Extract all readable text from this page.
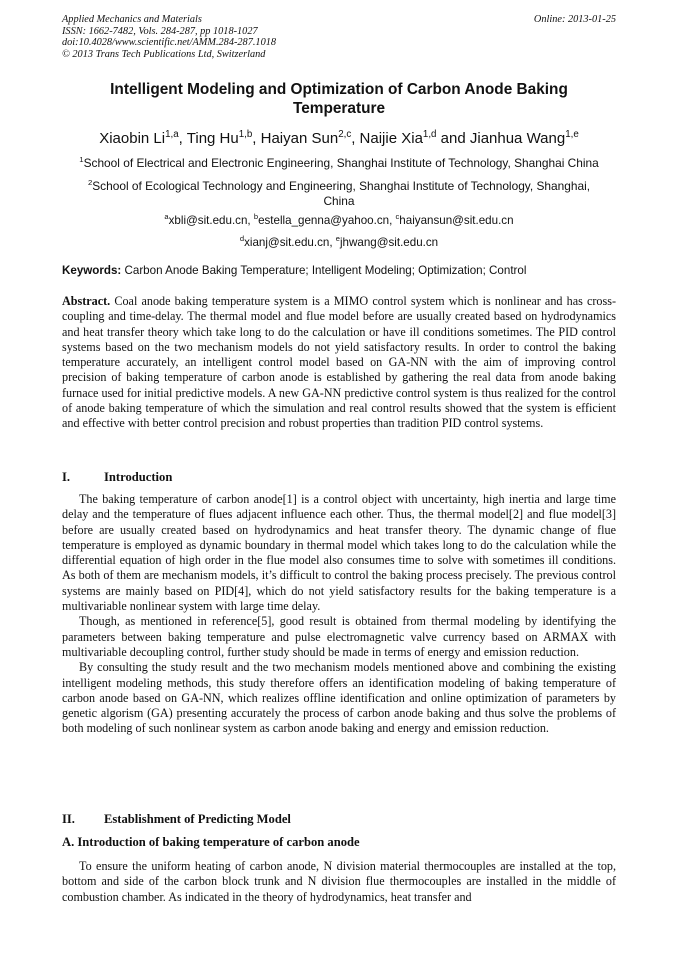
Applied Mechanics and Materials
ISSN: 1662-7482, Vols. 284-287, pp 1018-1027
doi:10.4028/www.scientific.net/AMM.284-287.1018
© 2013 Trans Tech Publications Ltd, Switzerland
Online: 2013-01-25
Intelligent Modeling and Optimization of Carbon Anode Baking
Temperature
Xiaobin Li$^{1,a}$, Ting Hu$^{1,b}$, Haiyan Sun$^{2,c}$, Naijie Xia$^{1,d}$ and Jianhua Wang$^{1,e}$
$^1$School of Electrical and Electronic Engineering, Shanghai Institute of Technology, Shanghai China
$^2$School of Ecological Technology and Engineering, Shanghai Institute of Technology, Shanghai,
China
$^a$xbli@sit.edu.cn, $^b$estella_genna@yahoo.cn, $^c$haiyansun@sit.edu.cn
$^d$xianj@sit.edu.cn, $^e$jhwang@sit.edu.cn
Keywords: Carbon Anode Baking Temperature; Intelligent Modeling; Optimization; Control

Abstract. Coal anode baking temperature system is a MIMO control system which is nonlinear and has cross-coupling and time-delay. The thermal model and flue model before are usually created based on hydrodynamics and heat transfer theory which take long to do the calculation or have ill conditions sometimes. The PID control systems based on the two mechanism models do not yield satisfactory results. In order to control the baking temperature accurately, an intelligent control model based on GA-NN with the aim of improving control precision of baking temperature of carbon anode is established by gathering the real data from anode baking furnace used for initial predictive models. A new GA-NN predictive control system is thus realized for the control of anode baking temperature of which the simulation and real control results showed that the system is efficient and effective with better control precision and robust properties than tradition PID control systems.

I.	Introduction

The baking temperature of carbon anode[1] is a control object with uncertainty, high inertia and large time delay and the temperature of flues adjacent influence each other. Thus, the thermal model[2] and flue model[3] before are usually created based on hydrodynamics and heat transfer theory. The dynamic change of flue temperature is employed as dynamic boundary in thermal model which takes long to do the calculation while the differential equation of high order in the flue model also consumes time to solve with sometimes ill conditions. As both of them are mechanism models, it’s difficult to control the baking process precisely. The previous control systems are mainly based on PID[4], which do not yield satisfactory results for the baking temperature is a multivariable nonlinear system with large time delay.

Though, as mentioned in reference[5], good result is obtained from thermal modeling by identifying the parameters between baking temperature and pulse electromagnetic valve currency based on ARMAX with multivariable decoupling control, further study should be made in terms of energy and emission reduction.

By consulting the study result and the two mechanism models mentioned above and combining the existing intelligent modeling methods, this study therefore offers an identification modeling of baking temperature of carbon anode based on GA-NN, which realizes offline identification and online optimization of parameters by genetic algorism (GA) presenting accurately the process of carbon anode baking and thus solve the problems of both modeling of such nonlinear system as carbon anode baking and energy and emission reduction.

II. Establishment of Predicting Model
A. Introduction of baking temperature of carbon anode

To ensure the uniform heating of carbon anode, N division material thermocouples are installed at the top, bottom and side of the carbon block trunk and N division flue thermocouples are installed in the middle of combustion chamber. As indicated in the theory of hydrodynamics, heat transfer and
